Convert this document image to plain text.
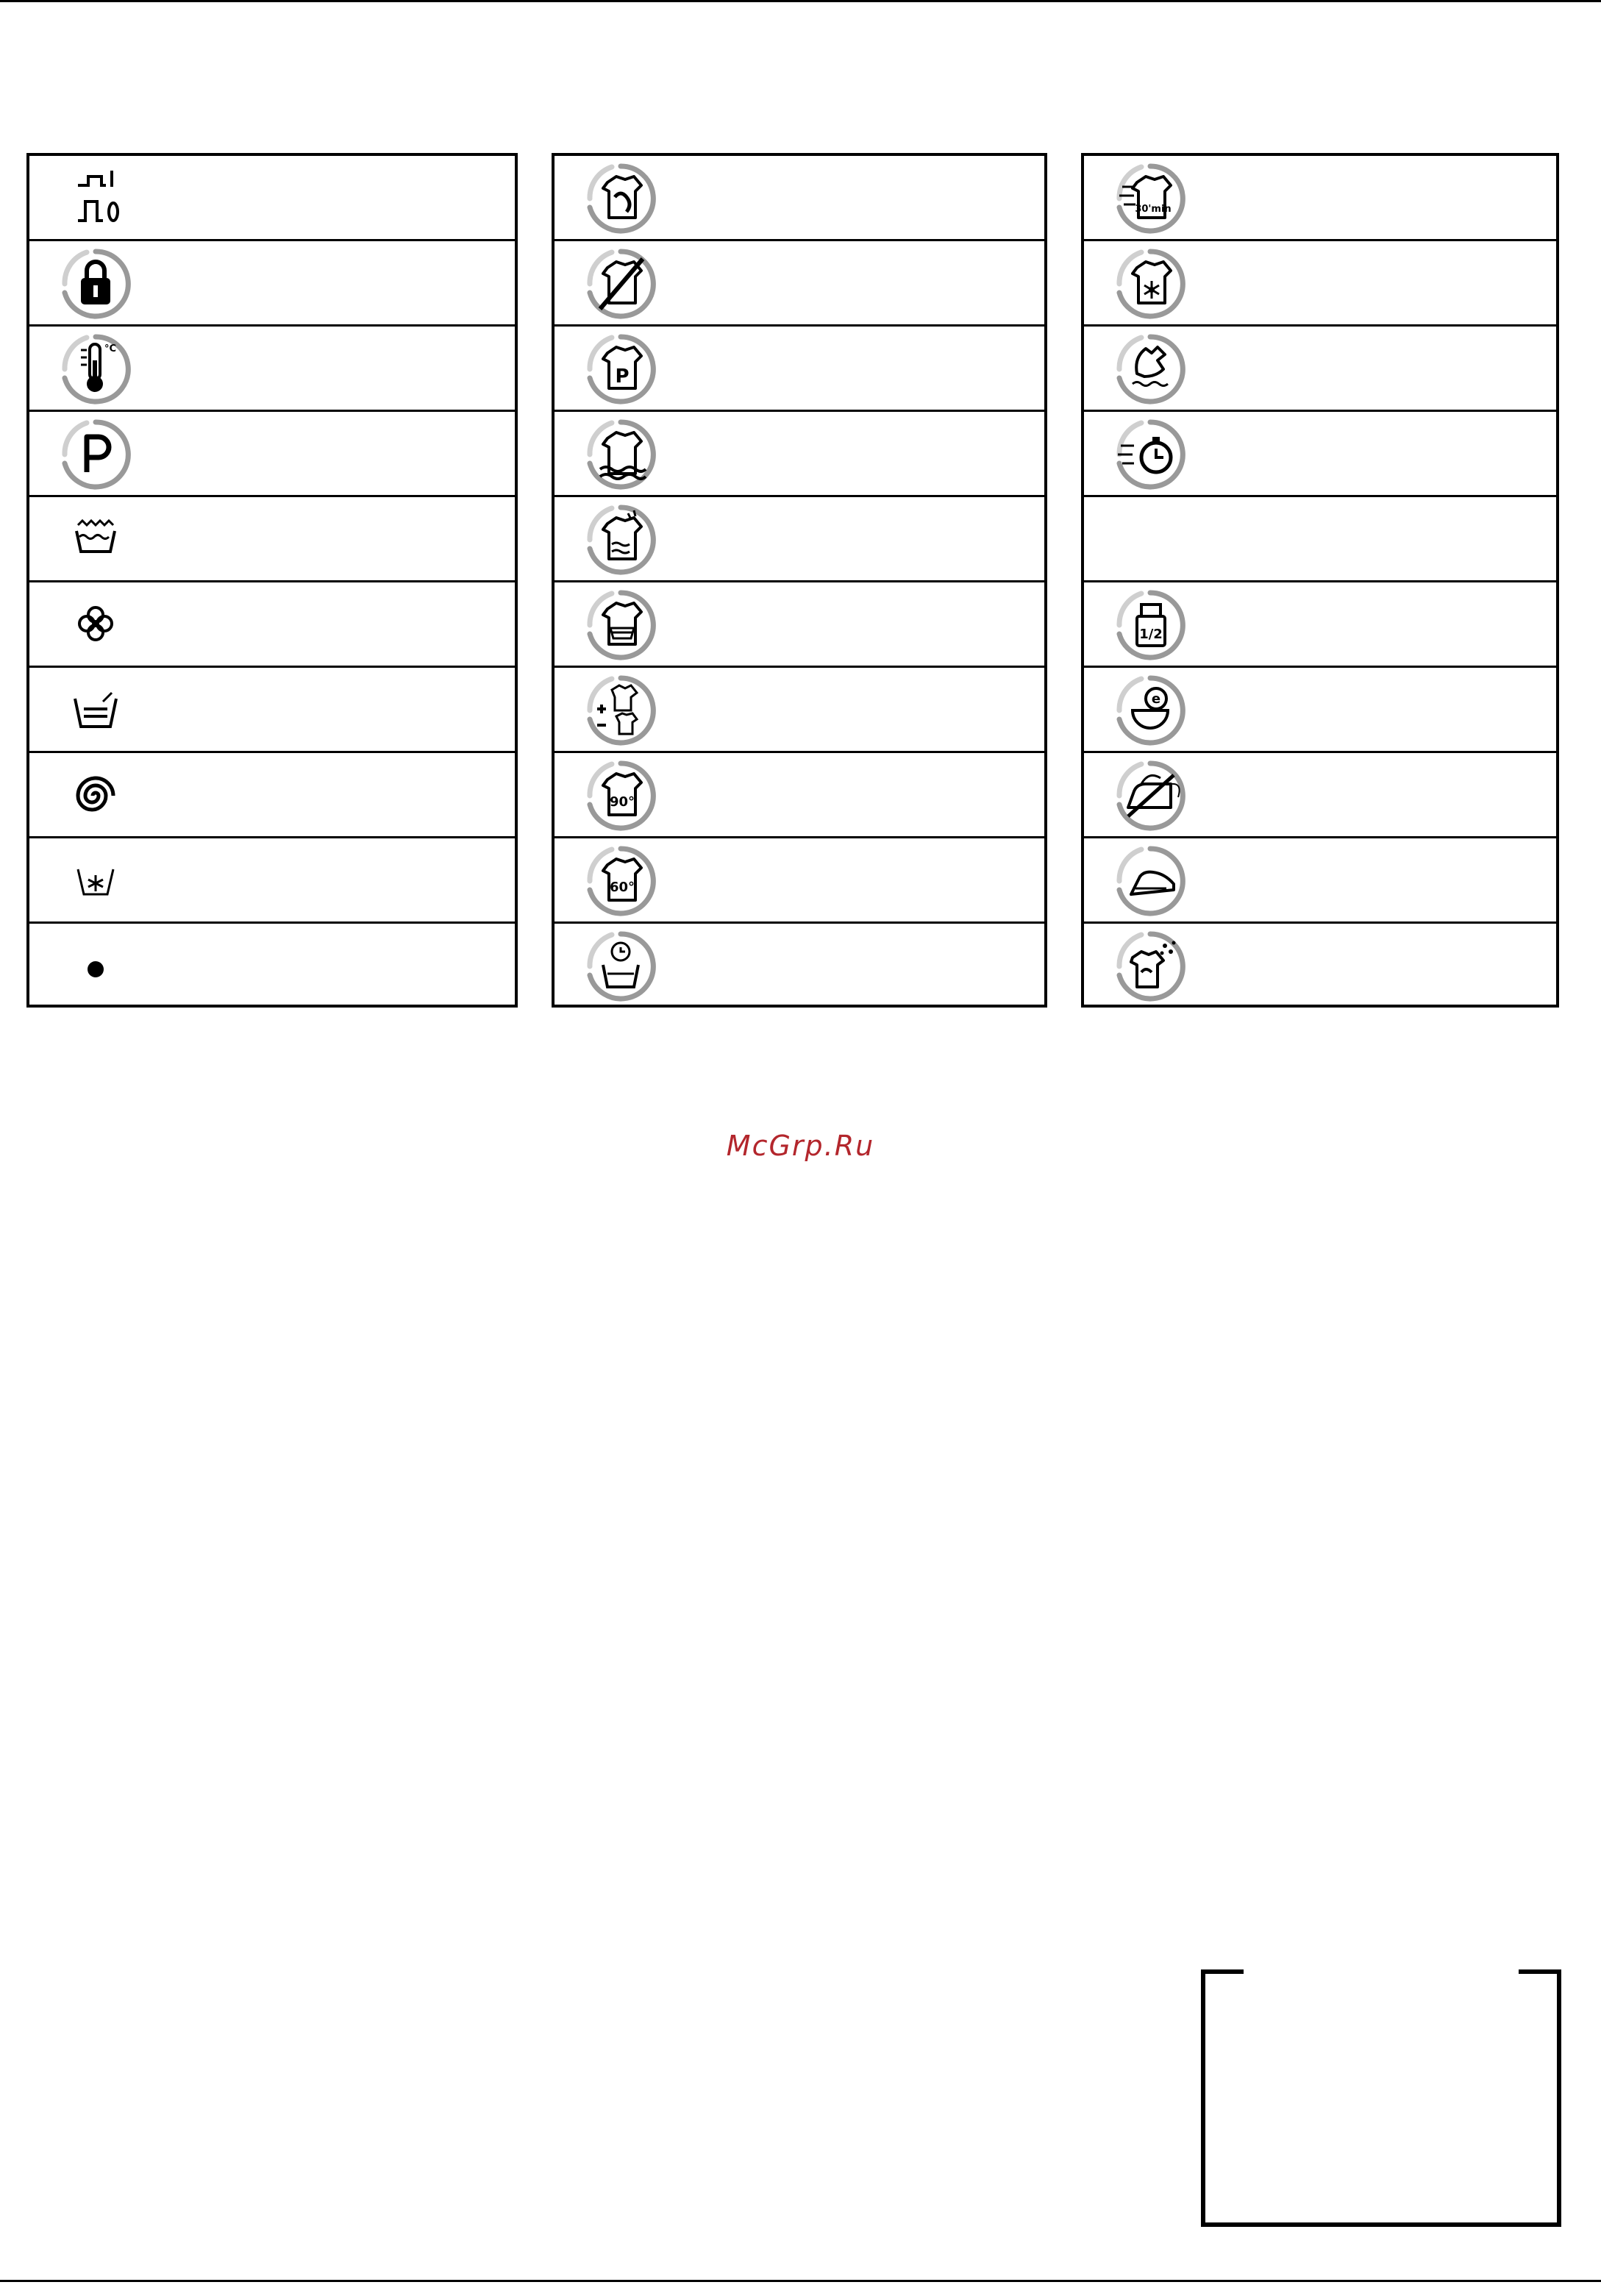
°C
P
90°
60°
30'min
1/2
e
McGrp.Ru
